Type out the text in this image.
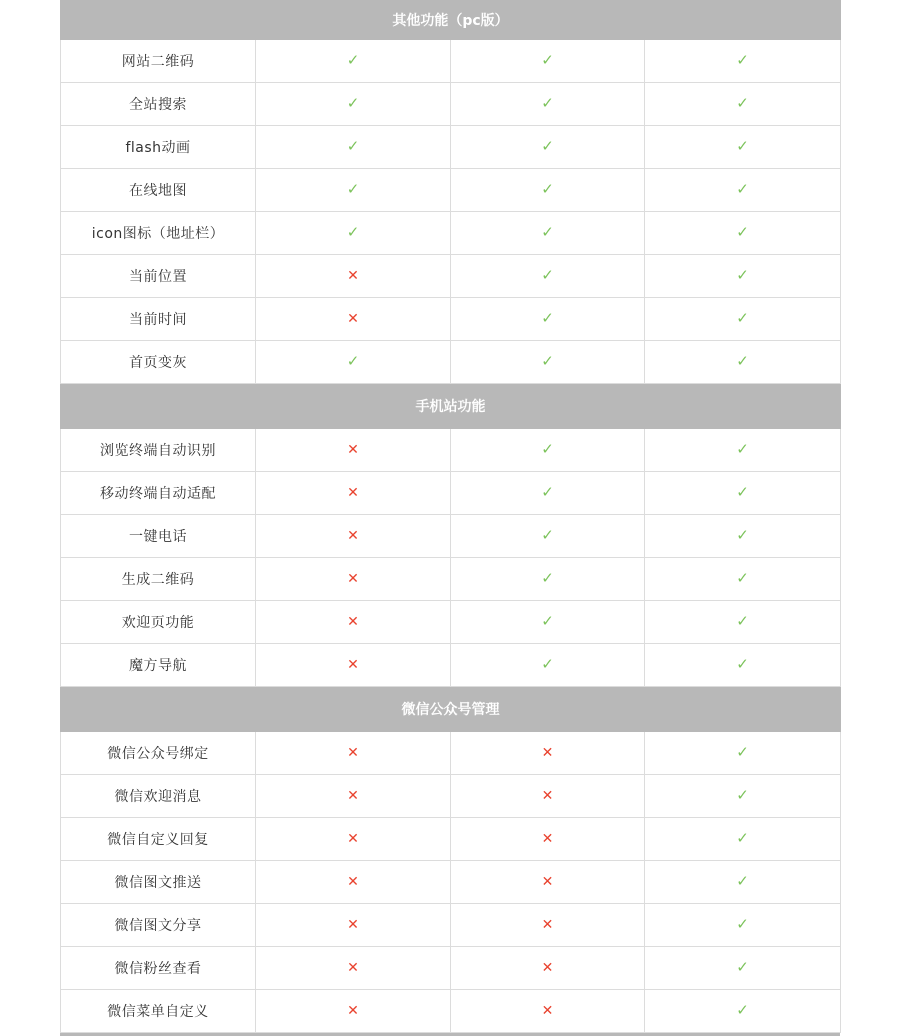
其他功能（pc版）			
网站二维码	✓	✓	✓
全站搜索	✓	✓	✓
flash动画	✓	✓	✓
在线地图	✓	✓	✓
icon图标（地址栏）	✓	✓	✓
当前位置	✕	✓	✓
当前时间	✕	✓	✓
首页变灰	✓	✓	✓
手机站功能			
浏览终端自动识别	✕	✓	✓
移动终端自动适配	✕	✓	✓
一键电话	✕	✓	✓
生成二维码	✕	✓	✓
欢迎页功能	✕	✓	✓
魔方导航	✕	✓	✓
微信公众号管理			
微信公众号绑定	✕	✕	✓
微信欢迎消息	✕	✕	✓
微信自定义回复	✕	✕	✓
微信图文推送	✕	✕	✓
微信图文分享	✕	✕	✓
微信粉丝查看	✕	✕	✓
微信菜单自定义	✕	✕	✓
